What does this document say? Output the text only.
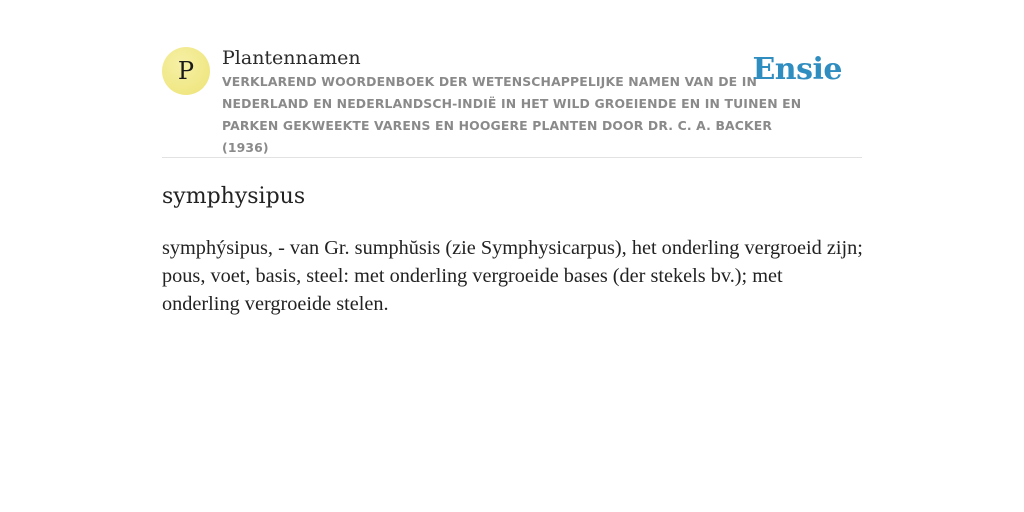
P Plantennamen
VERKLAREND WOORDENBOEK DER WETENSCHAPPELIJKE NAMEN VAN DE IN NEDERLAND EN NEDERLANDSCH-INDIË IN HET WILD GROEIENDE EN IN TUINEN EN PARKEN GEKWEEKTE VARENS EN HOOGERE PLANTEN DOOR DR. C. A. BACKER (1936)
Ensie
symphysipus

symphýsipus, - van Gr. sumphŭsis (zie Symphysicarpus), het onderling vergroeid zijn; pous, voet, basis, steel: met onderling vergroeide bases (der stekels bv.); met onderling vergroeide stelen.
